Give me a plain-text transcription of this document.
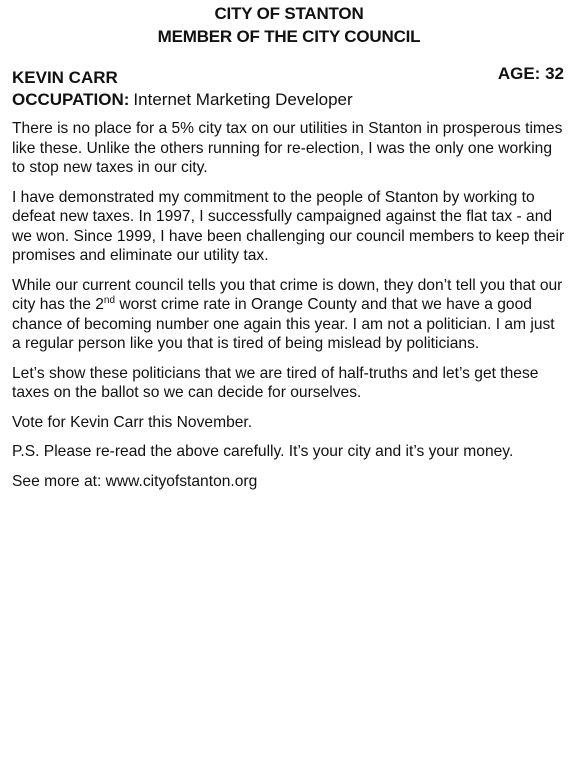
CITY OF STANTON
MEMBER OF THE CITY COUNCIL
KEVIN CARR	AGE: 32
OCCUPATION: Internet Marketing Developer

There is no place for a 5% city tax on our utilities in Stanton in prosperous times like these. Unlike the others running for re-election, I was the only one working to stop new taxes in our city.

I have demonstrated my commitment to the people of Stanton by working to defeat new taxes. In 1997, I successfully campaigned against the flat tax - and we won. Since 1999, I have been challenging our council members to keep their promises and eliminate our utility tax.

While our current council tells you that crime is down, they don’t tell you that our city has the 2nd worst crime rate in Orange County and that we have a good chance of becoming number one again this year. I am not a politician. I am just a regular person like you that is tired of being mislead by politicians.

Let’s show these politicians that we are tired of half-truths and let’s get these taxes on the ballot so we can decide for ourselves.

Vote for Kevin Carr this November.

P.S. Please re-read the above carefully. It’s your city and it’s your money.

See more at: www.cityofstanton.org
